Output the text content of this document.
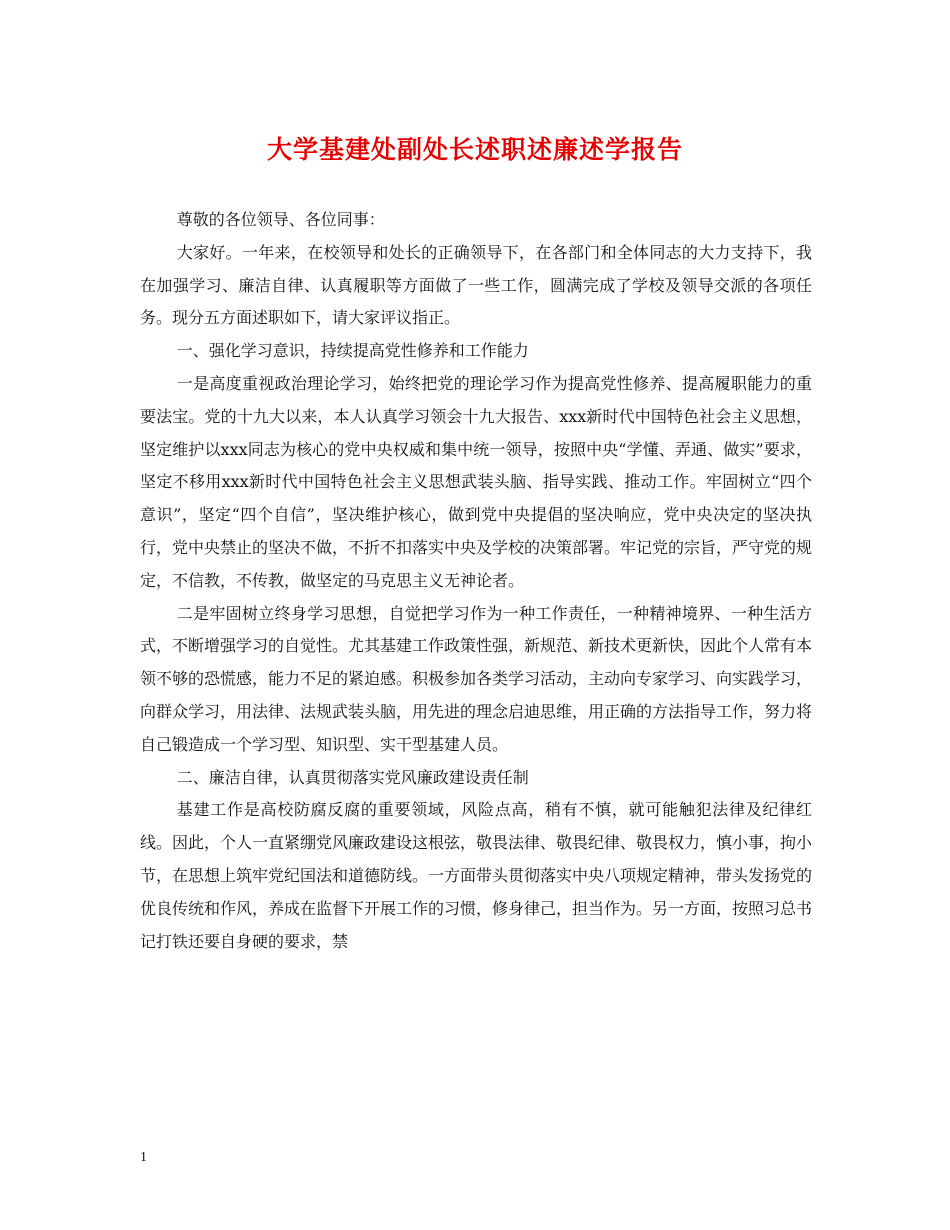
大学基建处副处长述职述廉述学报告

尊敬的各位领导、各位同事：

大家好。一年来，在校领导和处长的正确领导下，在各部门和全体同志的大力支持下，我在加强学习、廉洁自律、认真履职等方面做了一些工作，圆满完成了学校及领导交派的各项任务。现分五方面述职如下，请大家评议指正。

一、强化学习意识，持续提高党性修养和工作能力

一是高度重视政治理论学习，始终把党的理论学习作为提高党性修养、提高履职能力的重要法宝。党的十九大以来，本人认真学习领会十九大报告、xxx新时代中国特色社会主义思想，坚定维护以xxx同志为核心的党中央权威和集中统一领导，按照中央“学懂、弄通、做实”要求，坚定不移用xxx新时代中国特色社会主义思想武装头脑、指导实践、推动工作。牢固树立“四个意识”，坚定“四个自信”，坚决维护核心，做到党中央提倡的坚决响应，党中央决定的坚决执行，党中央禁止的坚决不做，不折不扣落实中央及学校的决策部署。牢记党的宗旨，严守党的规定，不信教，不传教，做坚定的马克思主义无神论者。

二是牢固树立终身学习思想，自觉把学习作为一种工作责任，一种精神境界、一种生活方式，不断增强学习的自觉性。尤其基建工作政策性强，新规范、新技术更新快，因此个人常有本领不够的恐慌感，能力不足的紧迫感。积极参加各类学习活动，主动向专家学习、向实践学习，向群众学习，用法律、法规武装头脑，用先进的理念启迪思维，用正确的方法指导工作，努力将自己锻造成一个学习型、知识型、实干型基建人员。

二、廉洁自律，认真贯彻落实党风廉政建设责任制

基建工作是高校防腐反腐的重要领域，风险点高，稍有不慎，就可能触犯法律及纪律红线。因此，个人一直紧绷党风廉政建设这根弦，敬畏法律、敬畏纪律、敬畏权力，慎小事，拘小节，在思想上筑牢党纪国法和道德防线。一方面带头贯彻落实中央八项规定精神，带头发扬党的优良传统和作风，养成在监督下开展工作的习惯，修身律己，担当作为。另一方面，按照习总书记打铁还要自身硬的要求，禁

1
